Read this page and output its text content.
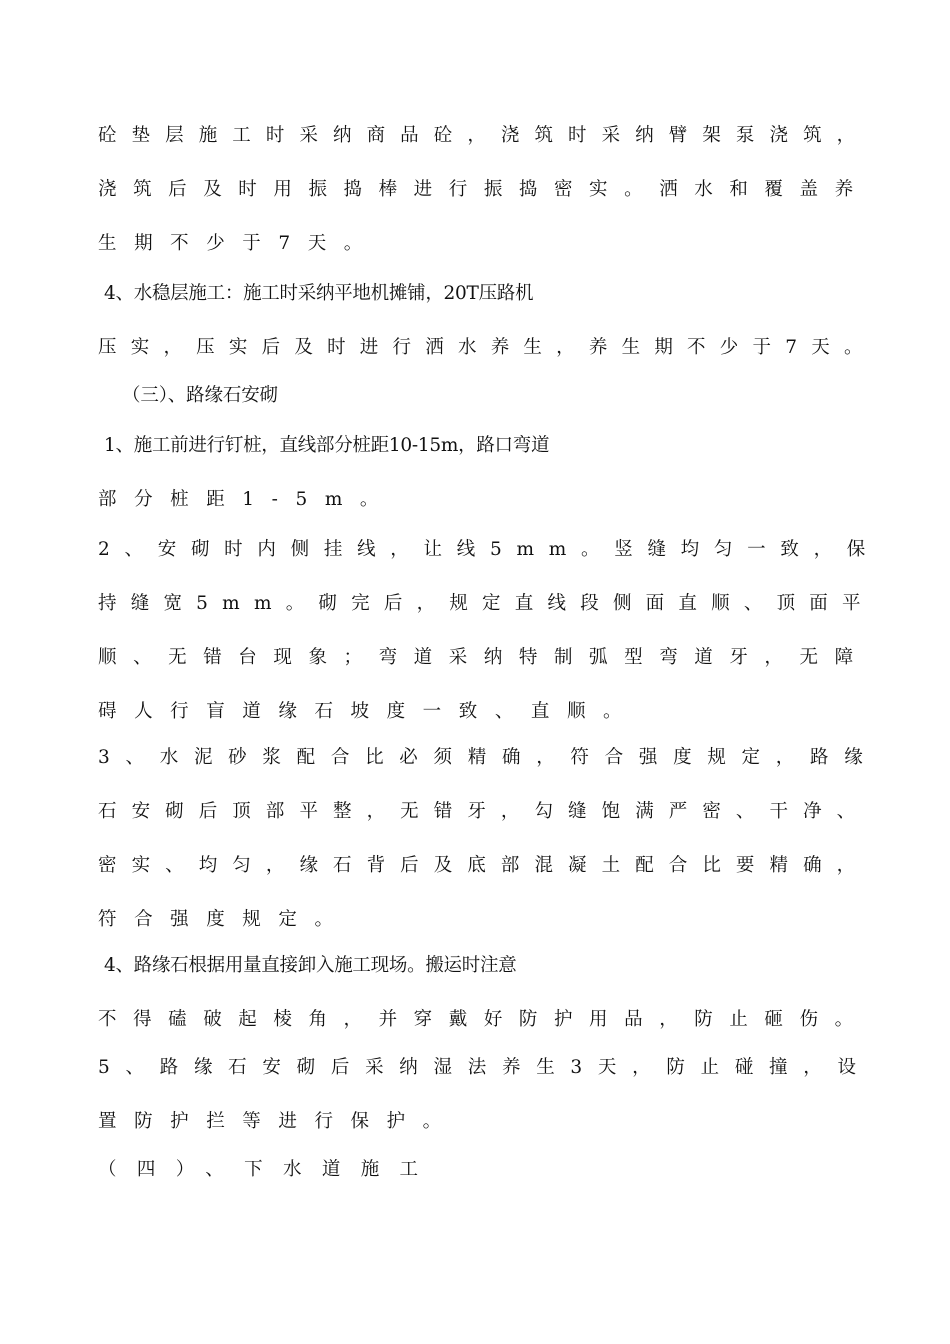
砼垫层施工时采纳商品砼，浇筑时采纳臂架泵浇筑，
浇筑后及时用振捣棒进行振捣密实。洒水和覆盖养
生期不少于7天。
4、水稳层施工：施工时采纳平地机摊铺，20T压路机
压实，压实后及时进行洒水养生，养生期不少于7天。
（三）、路缘石安砌
1、施工前进行钉桩，直线部分桩距10-15m，路口弯道
部分桩距1-5m。
2、安砌时内侧挂线，让线5mm。竖缝均匀一致，保
持缝宽5mm。砌完后，规定直线段侧面直顺、顶面平
顺、无错台现象；弯道采纳特制弧型弯道牙，无障
碍人行盲道缘石坡度一致、直顺。
3、水泥砂浆配合比必须精确，符合强度规定，路缘
石安砌后顶部平整，无错牙，勾缝饱满严密、干净、
密实、均匀，缘石背后及底部混凝土配合比要精确，
符合强度规定。
4、路缘石根据用量直接卸入施工现场。搬运时注意
不得磕破起棱角，并穿戴好防护用品，防止砸伤。
5、路缘石安砌后采纳湿法养生3天，防止碰撞，设
置防护拦等进行保护。
（四）、下水道施工
